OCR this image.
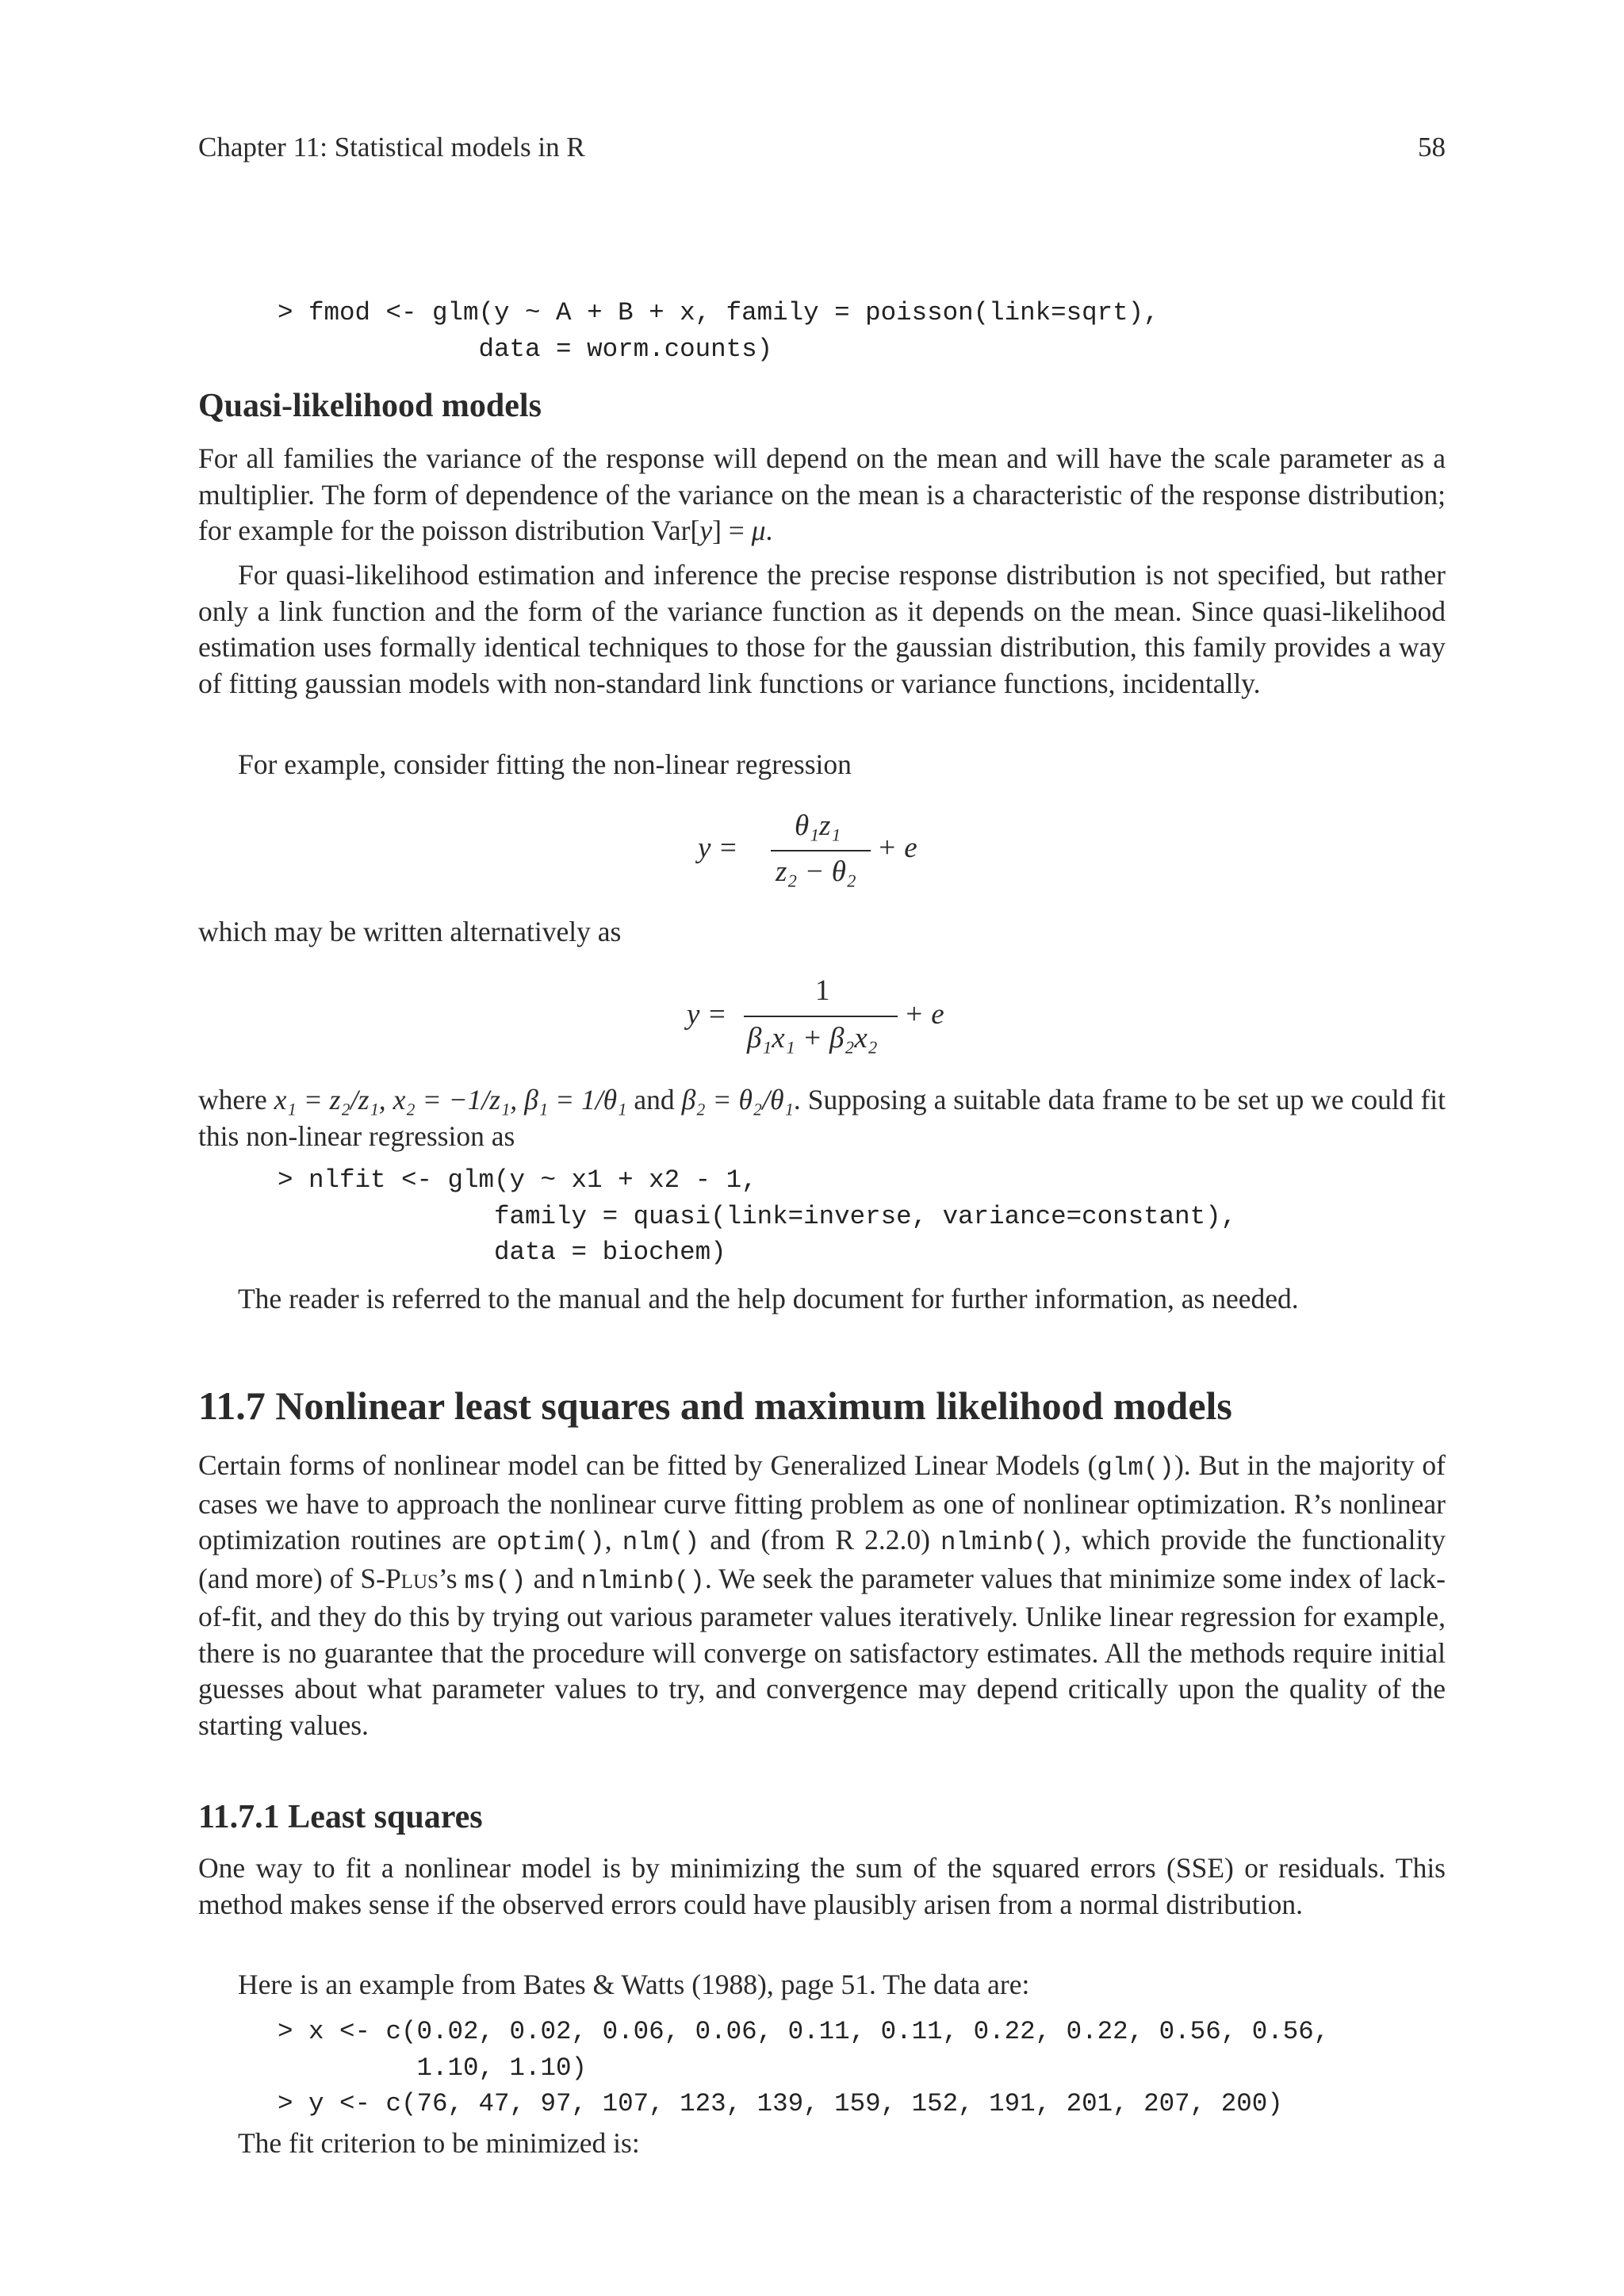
Chapter 11: Statistical models in R	58
> fmod <- glm(y ~ A + B + x, family = poisson(link=sqrt),
data = worm.counts)
Quasi-likelihood models

For all families the variance of the response will depend on the mean and will have the scale parameter as a multiplier. The form of dependence of the variance on the mean is a characteristic of the response distribution; for example for the poisson distribution Var[y] = μ.

For quasi-likelihood estimation and inference the precise response distribution is not specified, but rather only a link function and the form of the variance function as it depends on the mean. Since quasi-likelihood estimation uses formally identical techniques to those for the gaussian distribution, this family provides a way of fitting gaussian models with non-standard link functions or variance functions, incidentally.

For example, consider fitting the non-linear regression

y =
θ₁z₁
z₂ − θ₂
+ e

which may be written alternatively as

y =
1
β₁x₁ + β₂x₂
+ e

where x₁ = z₂/z₁, x₂ = −1/z₁, β₁ = 1/θ₁ and β₂ = θ₂/θ₁. Supposing a suitable data frame to be set up we could fit this non-linear regression as

> nlfit <- glm(y ~ x1 + x2 - 1,
family = quasi(link=inverse, variance=constant),
data = biochem)

The reader is referred to the manual and the help document for further information, as needed.

11.7 Nonlinear least squares and maximum likelihood models

Certain forms of nonlinear model can be fitted by Generalized Linear Models (glm()). But in the majority of cases we have to approach the nonlinear curve fitting problem as one of nonlinear optimization. R’s nonlinear optimization routines are optim(), nlm() and (from R 2.2.0) nlminb(), which provide the functionality (and more) of S-Plus’s ms() and nlminb(). We seek the parameter values that minimize some index of lack-of-fit, and they do this by trying out various parameter values iteratively. Unlike linear regression for example, there is no guarantee that the procedure will converge on satisfactory estimates. All the methods require initial guesses about what parameter values to try, and convergence may depend critically upon the quality of the starting values.

11.7.1 Least squares

One way to fit a nonlinear model is by minimizing the sum of the squared errors (SSE) or residuals. This method makes sense if the observed errors could have plausibly arisen from a normal distribution.

Here is an example from Bates & Watts (1988), page 51. The data are:

> x <- c(0.02, 0.02, 0.06, 0.06, 0.11, 0.11, 0.22, 0.22, 0.56, 0.56,
1.10, 1.10)
> y <- c(76, 47, 97, 107, 123, 139, 159, 152, 191, 201, 207, 200)

The fit criterion to be minimized is:
